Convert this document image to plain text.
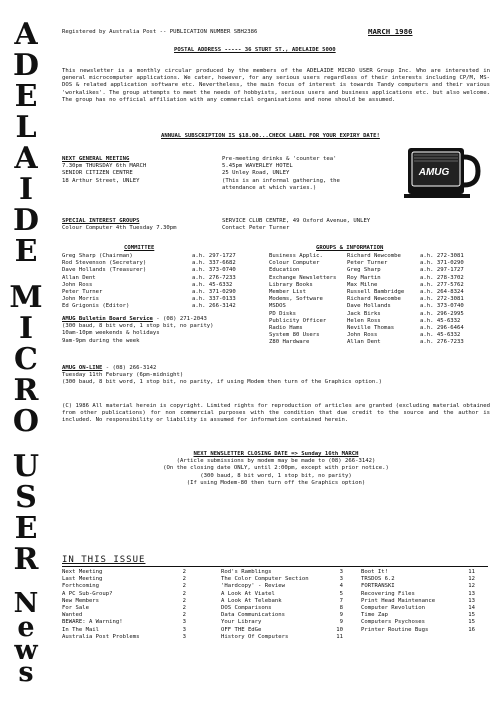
A
D
E
L
A
I
D
E
M
I
C
R
O
U
S
E
R
N
e
w
s
Registered by Australia Post -- PUBLICATION NUMBER SBH2386	MARCH 1986
POSTAL ADDRESS ----- 36 STURT ST., ADELAIDE 5000
This newsletter is a monthly circular produced by the members of the ADELAIDE MICRO USER Group Inc. Who are interested in general microcomputer applications. We cater, however, for any serious users regardless of their interests including CP/M, MS-DOS & related application software etc. Nevertheless, the main focus of interest is towards Tandy computers and their various 'workalikes'. The group attempts to meet the needs of hobbyists, serious users and business applications etc. but also welcome. The group has no official affiliation with any commercial organisations and none should be assumed.
ANNUAL SUBSCRIPTION IS $18.00...CHECK LABEL FOR YOUR EXPIRY DATE!
NEXT GENERAL MEETING
7.30pm THURSDAY 6th MARCH
SENIOR CITIZEN CENTRE
18 Arthur Street, UNLEY
Pre-meeting drinks & 'counter tea'
5.45pm WAVERLEY HOTEL
25 Unley Road, UNLEY
(This is an informal gathering, the
attendance at which varies.)
AMUG
SPECIAL INTEREST GROUPS
Colour Computer 4th Tuesday 7.30pm
SERVICE CLUB CENTRE, 49 Oxford Avenue, UNLEY
Contact Peter Turner
COMMITTEE
Greg Sharp (Chairman)	a.h. 297-1727
Rod Stevenson (Secretary)	a.h. 337-6682
Dave Hollands (Treasurer)	a.h. 373-0740
Allan Dent	a.h. 276-7233
John Ross	a.h. 45-6332
Peter Turner	a.h. 371-0290
John Morris	a.h. 337-0133
Ed Grigonis (Editor)	a.h. 266-3142
GROUPS & INFORMATION
Business Applic.	Richard Newcombe	a.h. 272-3081
Colour Computer	Peter Turner	a.h. 371-0290
Education	Greg Sharp	a.h. 297-1727
Exchange Newsletters	Roy Martin	a.h. 278-3702
Library Books	Max Milne	a.h. 277-5762
Member List	Russell Bambridge	a.h. 264-8324
Modems, Software	Richard Newcombe	a.h. 272-3081
MSDOS	Dave Hollands	a.h. 373-0740
PD Disks	Jack Birks	a.h. 296-2995
Publicity Officer	Helen Ross	a.h. 45-6332
Radio Hams	Neville Thomas	a.h. 296-6464
System 80 Users	John Ross	a.h. 45-6332
Z80 Hardware	Allan Dent	a.h. 276-7233
AMUG Bulletin Board Service - (08) 271-2043
(300 baud, 8 bit word, 1 stop bit, no parity)
10am-10pm weekends & holidays
9am-9pm during the week
AMUG ON-LINE - (08) 266-3142
Tuesday 11th February (6pm-midnight)
(300 baud, 8 bit word, 1 stop bit, no parity, if using Modem then turn of the Graphics option.)
(C) 1986 All material herein is copyright. Limited rights for reproduction of articles are granted (excluding material obtained from other publications) for non commercial purposes with the condition that due credit to the source and the author is included. No responsibility or liability is assumed for information contained herein.
NEXT NEWSLETTER CLOSING DATE => Sunday 16th MARCH
(Article submissions by modem may be made to (08) 266-3142)
(On the closing date ONLY, until 2:00pm, except with prior notice.)
(300 baud, 8 bit word, 1 stop bit, no parity)
(If using Modem-80 then turn off the Graphics option)
IN THIS ISSUE
Next Meeting	2
Last Meeting	2
Forthcoming	2
A PC Sub-Group?	2
New Members	2
For Sale	2
Wanted	2
BEWARE: A Warning!	3
In The Mail	3
Australia Post Problems	3
Rod's Ramblings	3
The Color Computer Section	3
'Hardcopy' - Review	4
A Look At Viatel	5
A Look At Telebank	7
DOS Comparisons	8
Data Communications	9
Your Library	9
OFF THE EdGe	10
History Of Computers	11
Boot It!	11
TRSDOS 6.2	12
FORTRANSKI	12
Recovering Files	13
Print Head Maintenance	13
Computer Revolution	14
Time Zap	15
Computers Psychoses	15
Printer Routine Bugs	16
